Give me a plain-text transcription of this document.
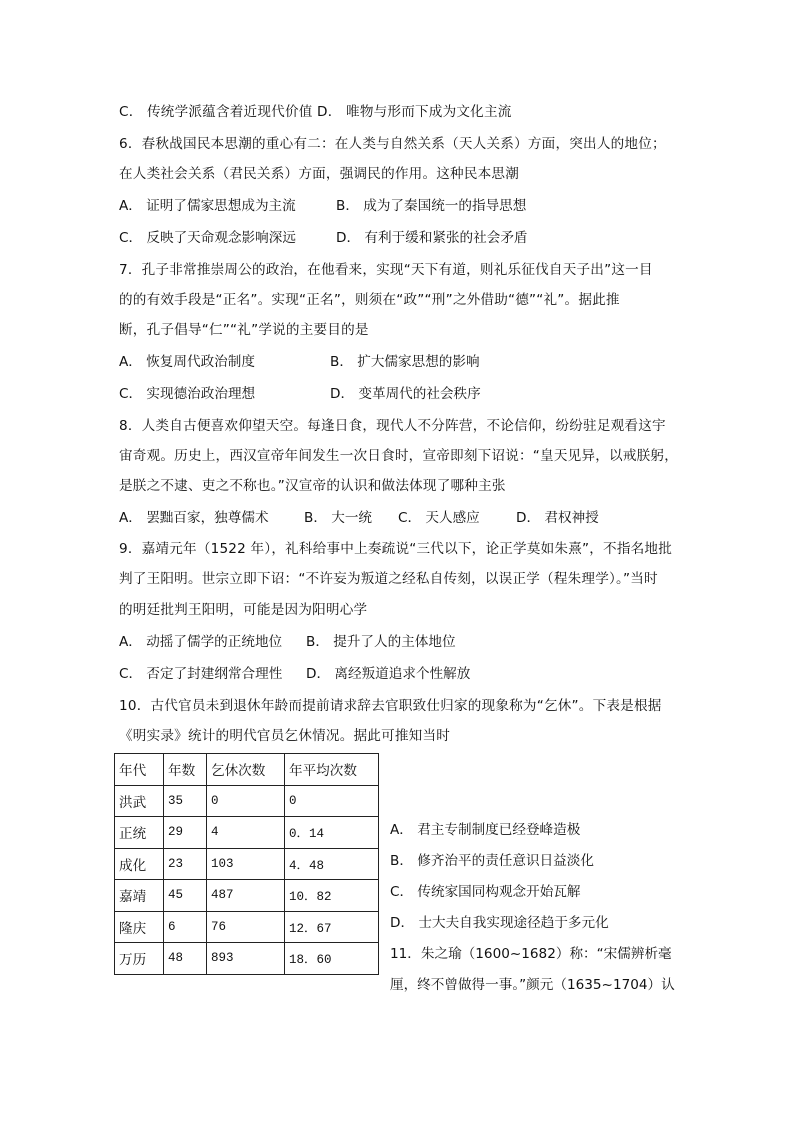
C． 传统学派蕴含着近现代价值 D． 唯物与形而下成为文化主流
6．春秋战国民本思潮的重心有二：在人类与自然关系（天人关系）方面，突出人的地位；
在人类社会关系（君民关系）方面，强调民的作用。这种民本思潮
A． 证明了儒家思想成为主流	B． 成为了秦国统一的指导思想
C． 反映了天命观念影响深远	D． 有利于缓和紧张的社会矛盾
7．孔子非常推崇周公的政治，在他看来，实现“天下有道，则礼乐征伐自天子出”这一目
的的有效手段是“正名”。实现“正名”，则须在“政”“刑”之外借助“德”“礼”。据此推
断，孔子倡导“仁”“礼”学说的主要目的是
A． 恢复周代政治制度	B． 扩大儒家思想的影响
C． 实现德治政治理想	D． 变革周代的社会秩序
8．人类自古便喜欢仰望天空。每逢日食，现代人不分阵营，不论信仰，纷纷驻足观看这宇
宙奇观。历史上，西汉宣帝年间发生一次日食时，宣帝即刻下诏说：“皇天见异，以戒朕躬，
是朕之不逮、吏之不称也。”汉宣帝的认识和做法体现了哪种主张
A． 罢黜百家，独尊儒术	B． 大一统 C． 天人感应	D． 君权神授
9．嘉靖元年（1522 年），礼科给事中上奏疏说“三代以下，论正学莫如朱熹”，不指名地批
判了王阳明。世宗立即下诏：“不许妄为叛道之经私自传刻，以误正学（程朱理学）。”当时
的明廷批判王阳明，可能是因为阳明心学
A． 动摇了儒学的正统地位 B． 提升了人的主体地位
C． 否定了封建纲常合理性 D． 离经叛道追求个性解放
10．古代官员未到退休年龄而提前请求辞去官职致仕归家的现象称为“乞休”。下表是根据
《明实录》统计的明代官员乞休情况。据此可推知当时
年代	年数	乞休次数	年平均次数
洪武	35	0	0
正统	29	4	0．14
成化	23	103	4．48
嘉靖	45	487	10．82
隆庆	6	76	12．67
万历	48	893	18．60
A． 君主专制制度已经登峰造极
B． 修齐治平的责任意识日益淡化
C． 传统家国同构观念开始瓦解
D． 士大夫自我实现途径趋于多元化
11．朱之瑜（1600~1682）称：“宋儒辨析毫
厘，终不曾做得一事。”颜元（1635~1704）认
